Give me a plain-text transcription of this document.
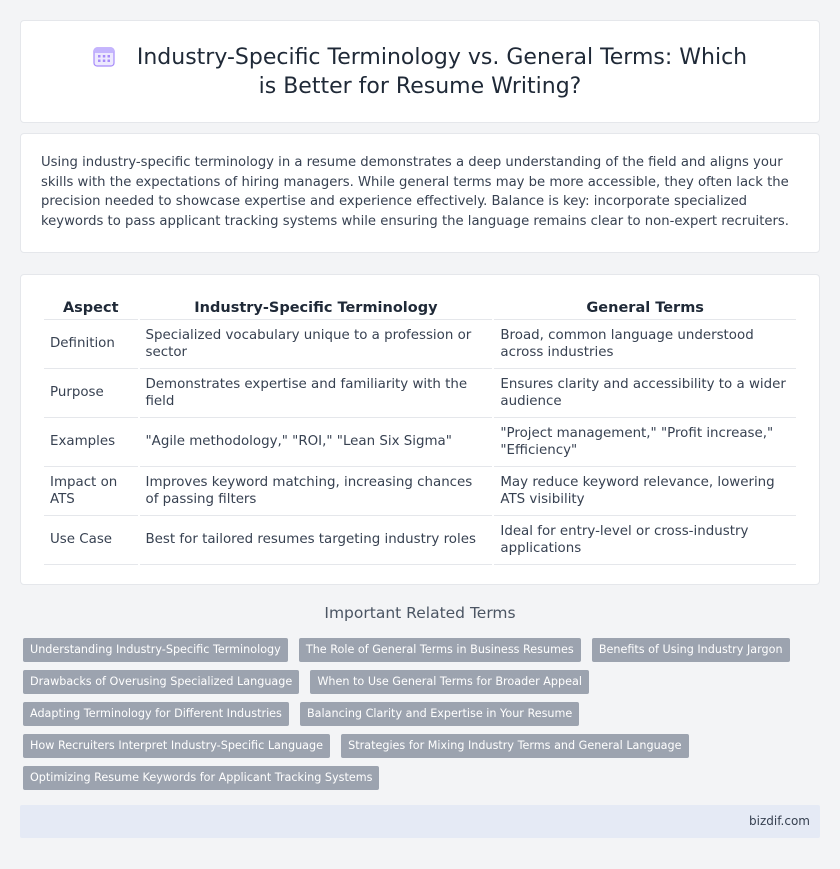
Industry-Specific Terminology vs. General Terms: Which is Better for Resume Writing?

Using industry-specific terminology in a resume demonstrates a deep understanding of the field and aligns your skills with the expectations of hiring managers. While general terms may be more accessible, they often lack the precision needed to showcase expertise and experience effectively. Balance is key: incorporate specialized keywords to pass applicant tracking systems while ensuring the language remains clear to non-expert recruiters.

Aspect	Industry-Specific Terminology	General Terms
Definition	Specialized vocabulary unique to a profession or sector	Broad, common language understood across industries
Purpose	Demonstrates expertise and familiarity with the field	Ensures clarity and accessibility to a wider audience
Examples	"Agile methodology," "ROI," "Lean Six Sigma"	"Project management," "Profit increase," "Efficiency"
Impact on ATS	Improves keyword matching, increasing chances of passing filters	May reduce keyword relevance, lowering ATS visibility
Use Case	Best for tailored resumes targeting industry roles	Ideal for entry-level or cross-industry applications
Important Related Terms
Understanding Industry-Specific Terminology The Role of General Terms in Business Resumes Benefits of Using Industry Jargon Drawbacks of Overusing Specialized Language When to Use General Terms for Broader Appeal Adapting Terminology for Different Industries Balancing Clarity and Expertise in Your Resume How Recruiters Interpret Industry-Specific Language Strategies for Mixing Industry Terms and General Language Optimizing Resume Keywords for Applicant Tracking Systems
bizdif.com
